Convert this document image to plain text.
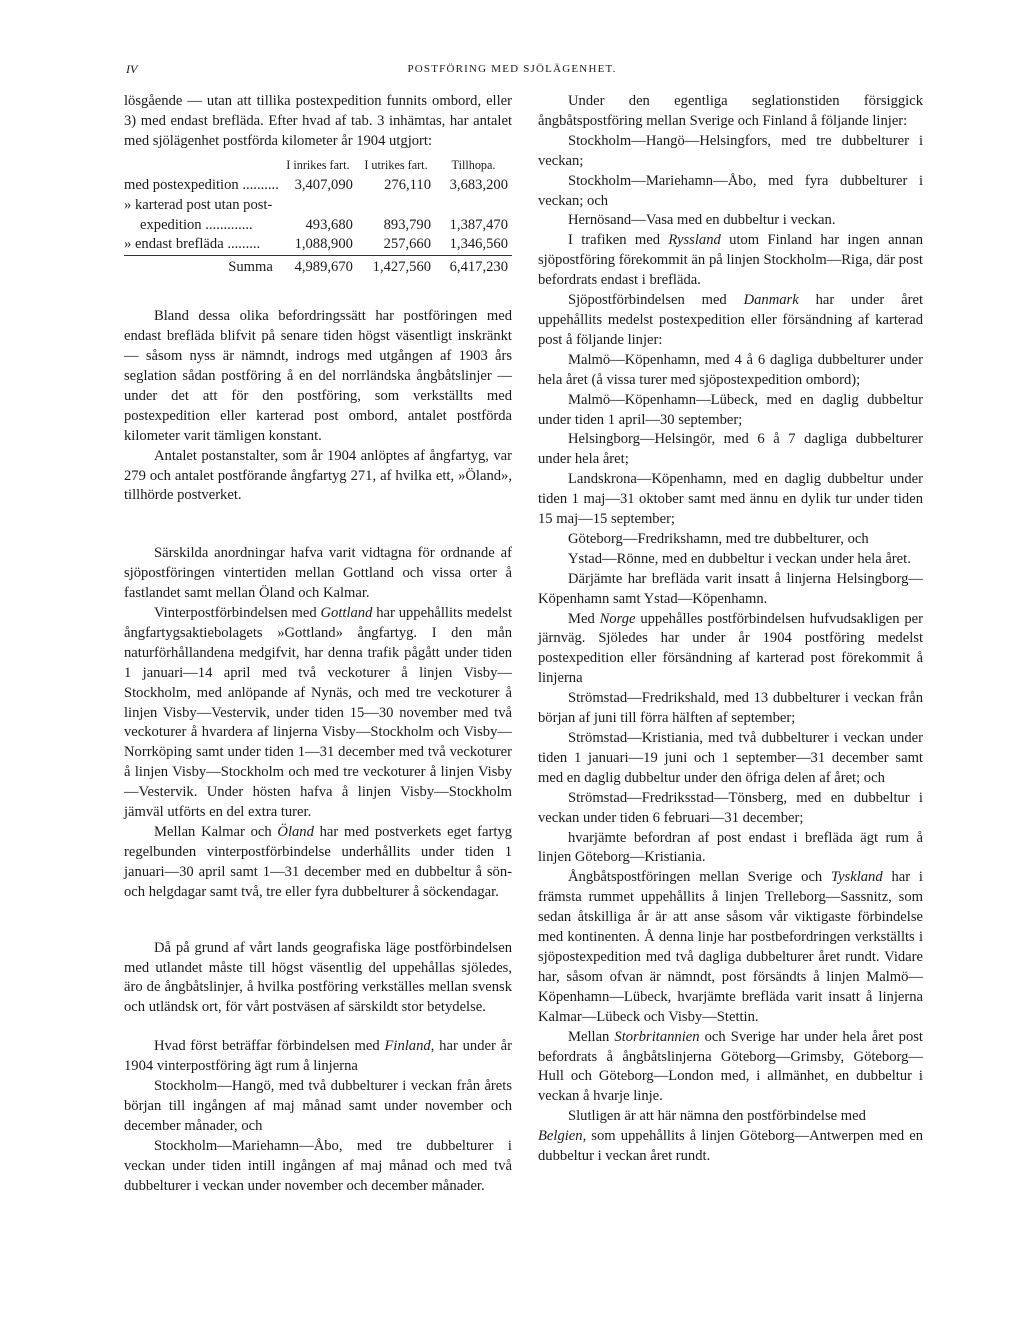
IV	POSTFÖRING MED SJÖLÄGENHET.

lösgående — utan att tillika postexpedition funnits ombord, eller 3) med endast brefläda. Efter hvad af tab. 3 inhämtas, har antalet med sjölägenhet postförda kilometer år 1904 utgjort:

	I inrikes fart.	I utrikes fart.	Tillhopa.
med postexpedition ..........	3,407,090	276,110	3,683,200
» karterad post utan post-			
expedition .............	493,680	893,790	1,387,470
» endast brefläda .........	1,088,900	257,660	1,346,560
Summa	4,989,670	1,427,560	6,417,230

Bland dessa olika befordringssätt har postföringen med endast brefläda blifvit på senare tiden högst väsentligt inskränkt — såsom nyss är nämndt, indrogs med utgången af 1903 års seglation sådan postföring å en del norrländska ångbåtslinjer — under det att för den postföring, som verkställts med postexpedition eller karterad post ombord, antalet postförda kilometer varit tämligen konstant.

Antalet postanstalter, som år 1904 anlöptes af ångfartyg, var 279 och antalet postförande ångfartyg 271, af hvilka ett, »Öland», tillhörde postverket.

Särskilda anordningar hafva varit vidtagna för ordnande af sjöpostföringen vintertiden mellan Gottland och vissa orter å fastlandet samt mellan Öland och Kalmar.

Vinterpostförbindelsen med Gottland har uppehållits medelst ångfartygsaktiebolagets »Gottland» ångfartyg. I den mån naturförhållandena medgifvit, har denna trafik pågått under tiden 1 januari—14 april med två veckoturer å linjen Visby—Stockholm, med anlöpande af Nynäs, och med tre veckoturer å linjen Visby—Vestervik, under tiden 15—30 november med två veckoturer å hvardera af linjerna Visby—Stockholm och Visby—Norrköping samt under tiden 1—31 december med två veckoturer å linjen Visby—Stockholm och med tre veckoturer å linjen Visby—Vestervik. Under hösten hafva å linjen Visby—Stockholm jämväl utförts en del extra turer.

Mellan Kalmar och Öland har med postverkets eget fartyg regelbunden vinterpostförbindelse underhållits under tiden 1 januari—30 april samt 1—31 december med en dubbeltur å sön- och helgdagar samt två, tre eller fyra dubbelturer å söckendagar.

Då på grund af vårt lands geografiska läge postförbindelsen med utlandet måste till högst väsentlig del uppehållas sjöledes, äro de ångbåtslinjer, å hvilka postföring verkställes mellan svensk och utländsk ort, för vårt postväsen af särskildt stor betydelse.

Hvad först beträffar förbindelsen med Finland, har under år 1904 vinterpostföring ägt rum å linjerna

Stockholm—Hangö, med två dubbelturer i veckan från årets början till ingången af maj månad samt under november och december månader, och

Stockholm—Mariehamn—Åbo, med tre dubbelturer i veckan under tiden intill ingången af maj månad och med två dubbelturer i veckan under november och december månader.

Under den egentliga seglationstiden försiggick ångbåtspostföring mellan Sverige och Finland å följande linjer:

Stockholm—Hangö—Helsingfors, med tre dubbelturer i veckan;

Stockholm—Mariehamn—Åbo, med fyra dubbelturer i veckan; och

Hernösand—Vasa med en dubbeltur i veckan.

I trafiken med Ryssland utom Finland har ingen annan sjöpostföring förekommit än på linjen Stockholm—Riga, där post befordrats endast i brefläda.

Sjöpostförbindelsen med Danmark har under året uppehållits medelst postexpedition eller försändning af karterad post å följande linjer:

Malmö—Köpenhamn, med 4 å 6 dagliga dubbelturer under hela året (å vissa turer med sjöpostexpedition ombord);

Malmö—Köpenhamn—Lübeck, med en daglig dubbeltur under tiden 1 april—30 september;

Helsingborg—Helsingör, med 6 å 7 dagliga dubbelturer under hela året;

Landskrona—Köpenhamn, med en daglig dubbeltur under tiden 1 maj—31 oktober samt med ännu en dylik tur under tiden 15 maj—15 september;

Göteborg—Fredrikshamn, med tre dubbelturer, och

Ystad—Rönne, med en dubbeltur i veckan under hela året.

Därjämte har brefläda varit insatt å linjerna Helsingborg—Köpenhamn samt Ystad—Köpenhamn.

Med Norge uppehålles postförbindelsen hufvudsakligen per järnväg. Sjöledes har under år 1904 postföring medelst postexpedition eller försändning af karterad post förekommit å linjerna

Strömstad—Fredrikshald, med 13 dubbelturer i veckan från början af juni till förra hälften af september;

Strömstad—Kristiania, med två dubbelturer i veckan under tiden 1 januari—19 juni och 1 september—31 december samt med en daglig dubbeltur under den öfriga delen af året; och

Strömstad—Fredriksstad—Tönsberg, med en dubbeltur i veckan under tiden 6 februari—31 december;

hvarjämte befordran af post endast i brefläda ägt rum å linjen Göteborg—Kristiania.

Ångbåtspostföringen mellan Sverige och Tyskland har i främsta rummet uppehållits å linjen Trelleborg—Sassnitz, som sedan åtskilliga år är att anse såsom vår viktigaste förbindelse med kontinenten. Å denna linje har postbefordringen verkställts i sjöpostexpedition med två dagliga dubbelturer året rundt. Vidare har, såsom ofvan är nämndt, post försändts å linjen Malmö—Köpenhamn—Lübeck, hvarjämte brefläda varit insatt å linjerna Kalmar—Lübeck och Visby—Stettin.

Mellan Storbritannien och Sverige har under hela året post befordrats å ångbåtslinjerna Göteborg—Grimsby, Göteborg—Hull och Göteborg—London med, i allmänhet, en dubbeltur i veckan å hvarje linje.

Slutligen är att här nämna den postförbindelse med

Belgien, som uppehållits å linjen Göteborg—Antwerpen med en dubbeltur i veckan året rundt.
